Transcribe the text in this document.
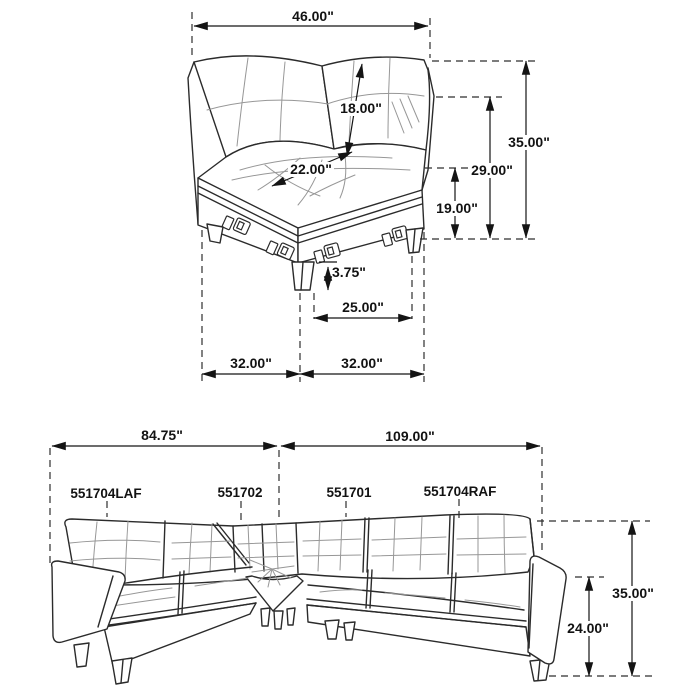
46.00"
18.00"
22.00"
35.00"
29.00"
19.00"
3.75"
25.00"
32.00"	32.00"
551704LAF	551702	551701	551704RAF
84.75"	109.00"
35.00"
24.00"
